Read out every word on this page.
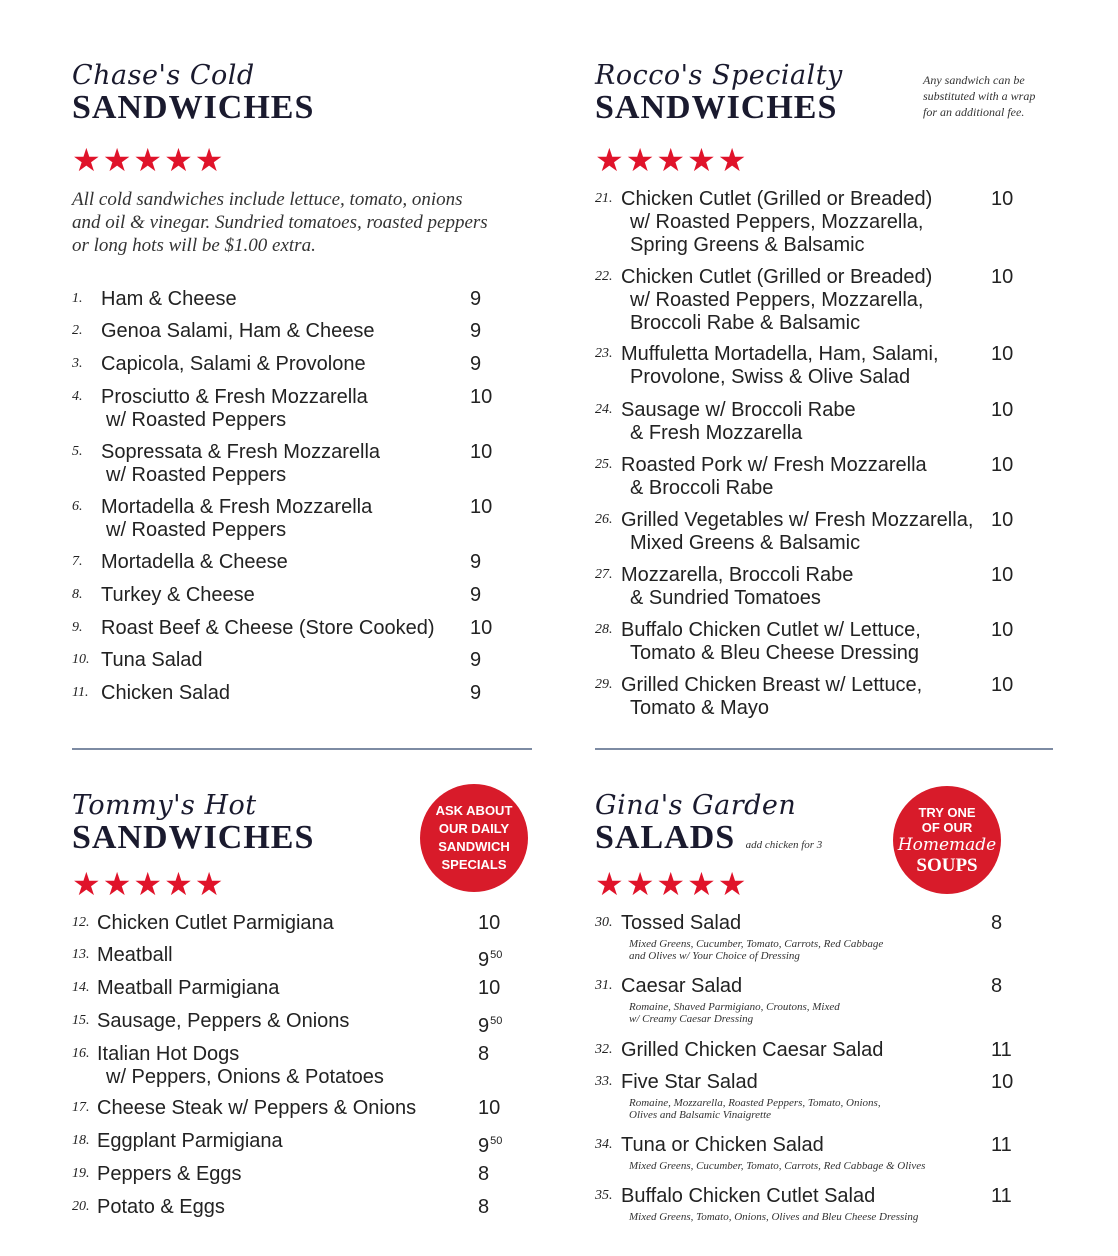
Chase's Cold
SANDWICHES
★★★★★
All cold sandwiches include lettuce, tomato, onions
and oil & vinegar. Sundried tomatoes, roasted peppers
or long hots will be $1.00 extra.
1. Ham & Cheese	9
2. Genoa Salami, Ham & Cheese	9
3. Capicola, Salami & Provolone	9
4. Prosciutto & Fresh Mozzarella
w/ Roasted Peppers
10
5. Sopressata & Fresh Mozzarella
w/ Roasted Peppers
10
6. Mortadella & Fresh Mozzarella
w/ Roasted Peppers
10
7. Mortadella & Cheese	9
8. Turkey & Cheese	9
9. Roast Beef & Cheese (Store Cooked) 10
10. Tuna Salad	9
11. Chicken Salad	9
Rocco's Specialty
SANDWICHES
Any sandwich can be
substituted with a wrap
for an additional fee.
★★★★★
21. Chicken Cutlet (Grilled or Breaded)
w/ Roasted Peppers, Mozzarella,
Spring Greens & Balsamic
10
22. Chicken Cutlet (Grilled or Breaded)
w/ Roasted Peppers, Mozzarella,
Broccoli Rabe & Balsamic
10
23. Muffuletta Mortadella, Ham, Salami,
Provolone, Swiss & Olive Salad
10
24. Sausage w/ Broccoli Rabe
& Fresh Mozzarella
10
25. Roasted Pork w/ Fresh Mozzarella
& Broccoli Rabe
10
26. Grilled Vegetables w/ Fresh Mozzarella,
Mixed Greens & Balsamic
10
27. Mozzarella, Broccoli Rabe
& Sundried Tomatoes
10
28. Buffalo Chicken Cutlet w/ Lettuce,
Tomato & Bleu Cheese Dressing
10
29. Grilled Chicken Breast w/ Lettuce,
Tomato & Mayo
10
Tommy's Hot
SANDWICHES
ASK ABOUT
OUR DAILY
SANDWICH
SPECIALS
★★★★★
12. Chicken Cutlet Parmigiana	10
13. Meatball	$9^{50}$
14. Meatball Parmigiana	10
15. Sausage, Peppers & Onions	$9^{50}$
16. Italian Hot Dogs
w/ Peppers, Onions & Potatoes
8
17. Cheese Steak w/ Peppers & Onions	10
18. Eggplant Parmigiana	$9^{50}$
19. Peppers & Eggs	8
20. Potato & Eggs	8
Gina's Garden
SALADS add chicken for 3
TRY ONE
OF OUR
Homemade
SOUPS
★★★★★
30. Tossed Salad
Mixed Greens, Cucumber, Tomato, Carrots, Red Cabbage
and Olives w/ Your Choice of Dressing
8
31. Caesar Salad
Romaine, Shaved Parmigiano, Croutons, Mixed
w/ Creamy Caesar Dressing
8
32. Grilled Chicken Caesar Salad	11
33. Five Star Salad
Romaine, Mozzarella, Roasted Peppers, Tomato, Onions,
Olives and Balsamic Vinaigrette
10
34. Tuna or Chicken Salad
Mixed Greens, Cucumber, Tomato, Carrots, Red Cabbage & Olives
11
35. Buffalo Chicken Cutlet Salad
Mixed Greens, Tomato, Onions, Olives and Bleu Cheese Dressing
11
